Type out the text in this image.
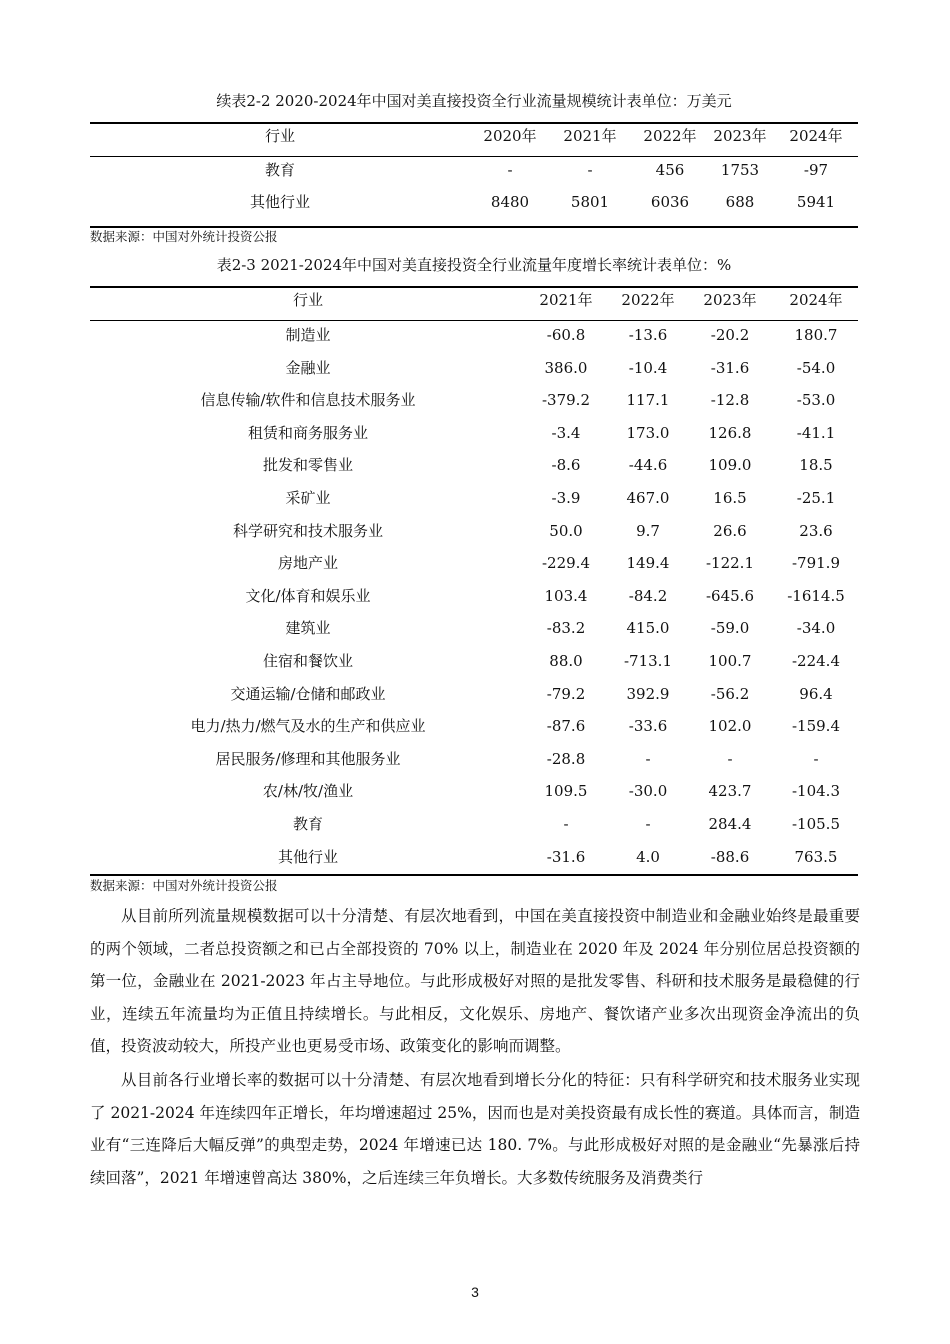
续表2-2 2020-2024年中国对美直接投资全行业流量规模统计表单位：万美元
行业	2020年	2021年	2022年	2023年	2024年
教育	-	-	456	1753	-97
其他行业	8480	5801	6036	688	5941
数据来源：中国对外统计投资公报
表2-3 2021-2024年中国对美直接投资全行业流量年度增长率统计表单位：%
行业	2021年	2022年	2023年	2024年
制造业	-60.8	-13.6	-20.2	180.7
金融业	386.0	-10.4	-31.6	-54.0
信息传输/软件和信息技术服务业	-379.2	117.1	-12.8	-53.0
租赁和商务服务业	-3.4	173.0	126.8	-41.1
批发和零售业	-8.6	-44.6	109.0	18.5
采矿业	-3.9	467.0	16.5	-25.1
科学研究和技术服务业	50.0	9.7	26.6	23.6
房地产业	-229.4	149.4	-122.1	-791.9
文化/体育和娱乐业	103.4	-84.2	-645.6	-1614.5
建筑业	-83.2	415.0	-59.0	-34.0
住宿和餐饮业	88.0	-713.1	100.7	-224.4
交通运输/仓储和邮政业	-79.2	392.9	-56.2	96.4
电力/热力/燃气及水的生产和供应业	-87.6	-33.6	102.0	-159.4
居民服务/修理和其他服务业	-28.8	-	-	-
农/林/牧/渔业	109.5	-30.0	423.7	-104.3
教育	-	-	284.4	-105.5
其他行业	-31.6	4.0	-88.6	763.5
数据来源：中国对外统计投资公报
从目前所列流量规模数据可以十分清楚、有层次地看到，中国在美直接投资中制造业和金融业始终是最重要的两个领域，二者总投资额之和已占全部投资的 70% 以上，制造业在 2020 年及 2024 年分别位居总投资额的第一位，金融业在 2021-2023 年占主导地位。与此形成极好对照的是批发零售、科研和技术服务是最稳健的行业，连续五年流量均为正值且持续增长。与此相反，文化娱乐、房地产、餐饮诸产业多次出现资金净流出的负值，投资波动较大，所投产业也更易受市场、政策变化的影响而调整。
从目前各行业增长率的数据可以十分清楚、有层次地看到增长分化的特征：只有科学研究和技术服务业实现了 2021-2024 年连续四年正增长，年均增速超过 25%，因而也是对美投资最有成长性的赛道。具体而言，制造业有“三连降后大幅反弹”的典型走势，2024 年增速已达 180. 7%。与此形成极好对照的是金融业“先暴涨后持续回落”，2021 年增速曾高达 380%，之后连续三年负增长。大多数传统服务及消费类行
3
